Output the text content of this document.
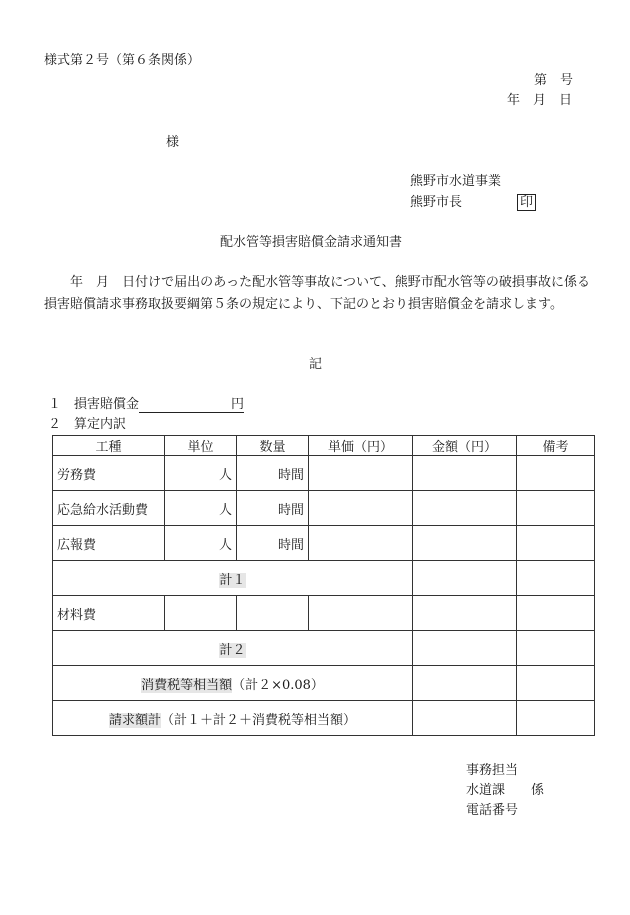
様式第２号（第６条関係）
第　号
年　月　日
様
熊野市水道事業
熊野市長	印
配水管等損害賠償金請求通知書
　年　月　日付けで届出のあった配水管等事故について、熊野市配水管等の破損事故に係る損害賠償請求事務取扱要綱第５条の規定により、下記のとおり損害賠償金を請求します。
記
１　損害賠償金	円
２　算定内訳
工種	単位	数量	単価（円）	金額（円）	備考
労務費	人	時間			
応急給水活動費	人	時間			
広報費	人	時間			
計１					
材料費					
計２					
消費税等相当額（計２×0.08）					
請求額計（計１＋計２＋消費税等相当額）					
事務担当
水道課　　係
電話番号
